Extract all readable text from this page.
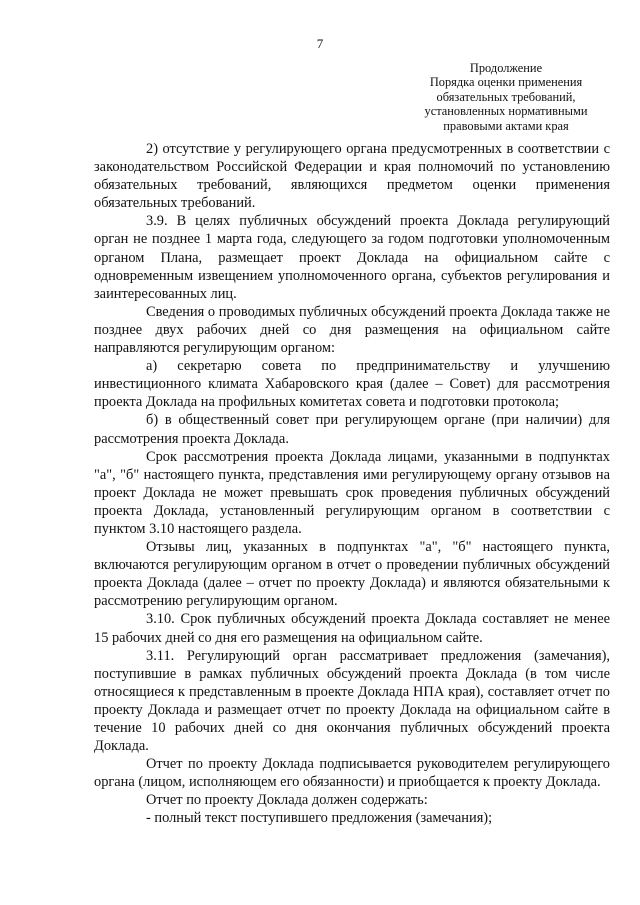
7
Продолжение
Порядка оценки применения
обязательных требований,
установленных нормативными
правовыми актами края

2) отсутствие у регулирующего органа предусмотренных в соответствии с законодательством Российской Федерации и края полномочий по установлению обязательных требований, являющихся предметом оценки применения обязательных требований.

3.9. В целях публичных обсуждений проекта Доклада регулирующий орган не позднее 1 марта года, следующего за годом подготовки уполномоченным органом Плана, размещает проект Доклада на официальном сайте с одновременным извещением уполномоченного органа, субъектов регулирования и заинтересованных лиц.

Сведения о проводимых публичных обсуждений проекта Доклада также не позднее двух рабочих дней со дня размещения на официальном сайте направляются регулирующим органом:

а) секретарю совета по предпринимательству и улучшению инвестиционного климата Хабаровского края (далее – Совет) для рассмотрения проекта Доклада на профильных комитетах совета и подготовки протокола;

б) в общественный совет при регулирующем органе (при наличии) для рассмотрения проекта Доклада.

Срок рассмотрения проекта Доклада лицами, указанными в подпунктах "а", "б" настоящего пункта, представления ими регулирующему органу отзывов на проект Доклада не может превышать срок проведения публичных обсуждений проекта Доклада, установленный регулирующим органом в соответствии с пунктом 3.10 настоящего раздела.

Отзывы лиц, указанных в подпунктах "а", "б" настоящего пункта, включаются регулирующим органом в отчет о проведении публичных обсуждений проекта Доклада (далее – отчет по проекту Доклада) и являются обязательными к рассмотрению регулирующим органом.

3.10. Срок публичных обсуждений проекта Доклада составляет не менее 15 рабочих дней со дня его размещения на официальном сайте.

3.11. Регулирующий орган рассматривает предложения (замечания), поступившие в рамках публичных обсуждений проекта Доклада (в том числе относящиеся к представленным в проекте Доклада НПА края), составляет отчет по проекту Доклада и размещает отчет по проекту Доклада на официальном сайте в течение 10 рабочих дней со дня окончания публичных обсуждений проекта Доклада.

Отчет по проекту Доклада подписывается руководителем регулирующего органа (лицом, исполняющем его обязанности) и приобщается к проекту Доклада.

Отчет по проекту Доклада должен содержать:

- полный текст поступившего предложения (замечания);
